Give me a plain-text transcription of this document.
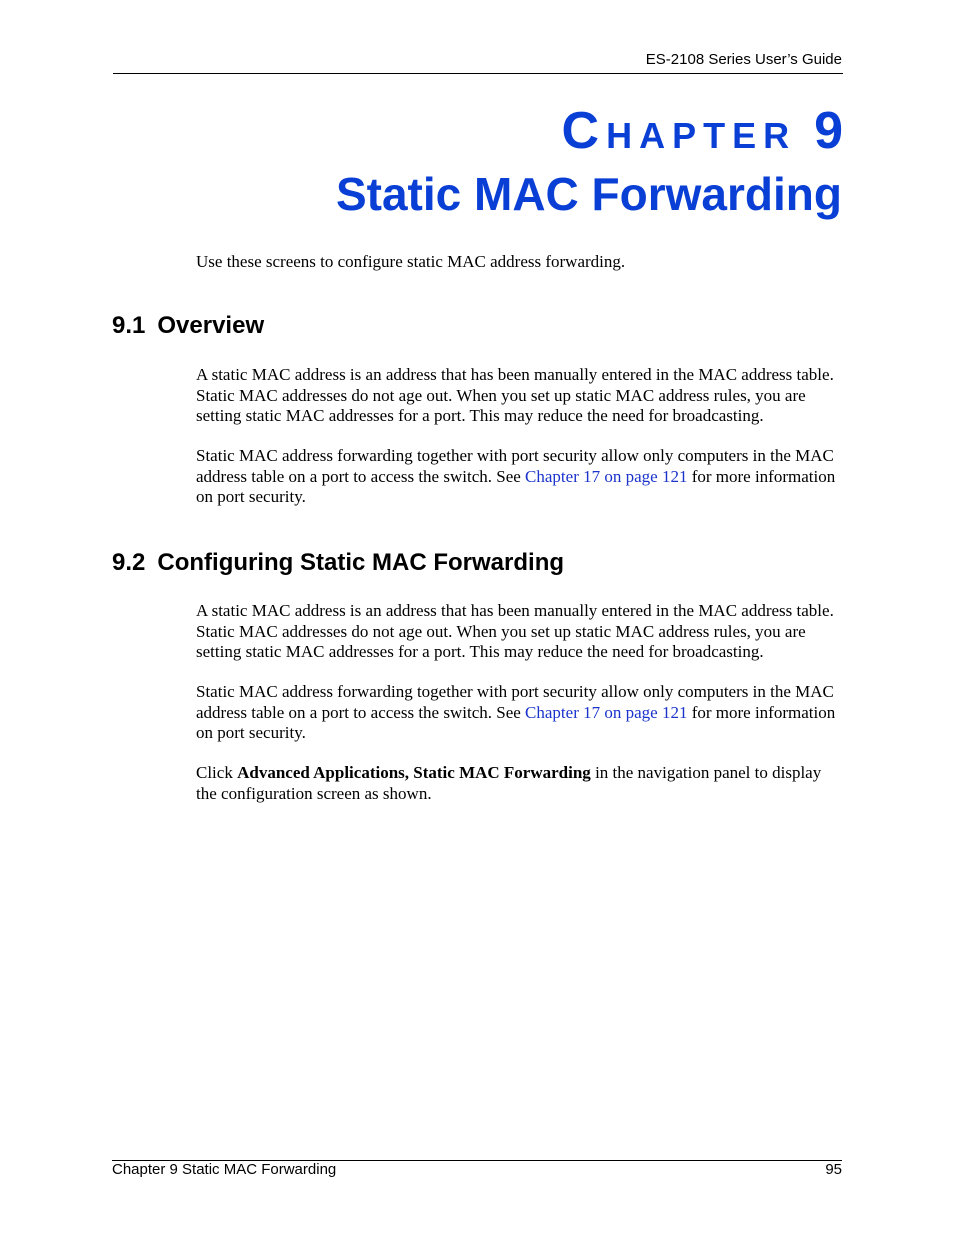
ES-2108 Series User’s Guide
Chapter 9
Static MAC Forwarding

Use these screens to configure static MAC address forwarding.

9.1 Overview

A static MAC address is an address that has been manually entered in the MAC address table. Static MAC addresses do not age out. When you set up static MAC address rules, you are setting static MAC addresses for a port. This may reduce the need for broadcasting.

Static MAC address forwarding together with port security allow only computers in the MAC address table on a port to access the switch. See Chapter 17 on page 121 for more information on port security.

9.2 Configuring Static MAC Forwarding

A static MAC address is an address that has been manually entered in the MAC address table. Static MAC addresses do not age out. When you set up static MAC address rules, you are setting static MAC addresses for a port. This may reduce the need for broadcasting.

Static MAC address forwarding together with port security allow only computers in the MAC address table on a port to access the switch. See Chapter 17 on page 121 for more information on port security.

Click Advanced Applications, Static MAC Forwarding in the navigation panel to display the configuration screen as shown.

Chapter 9 Static MAC Forwarding	95
